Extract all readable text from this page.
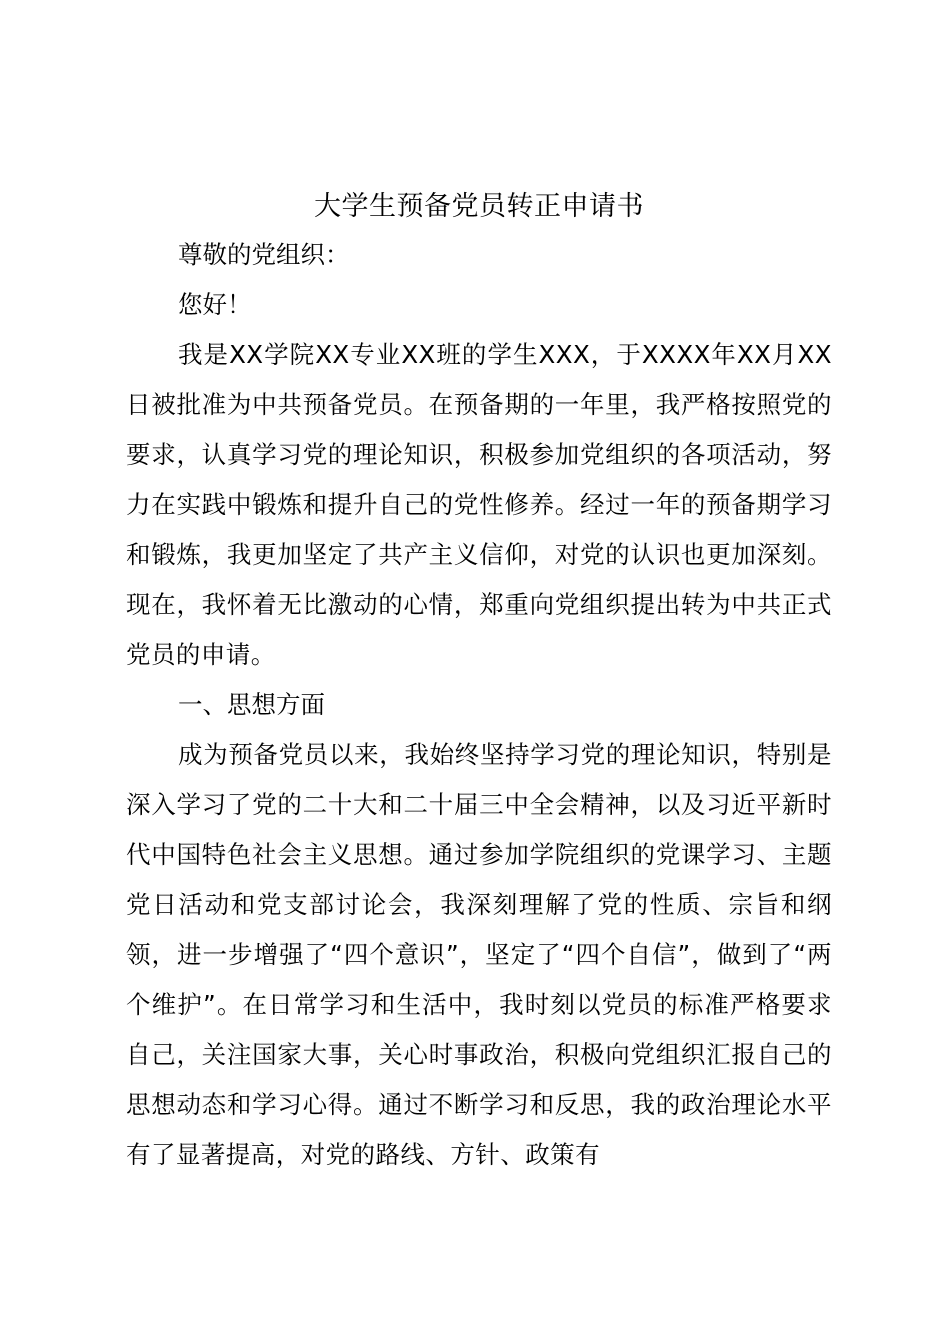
大学生预备党员转正申请书

尊敬的党组织：

您好！

我是XX学院XX专业XX班的学生XXX，于XXXX年XX月XX日被批准为中共预备党员。在预备期的一年里，我严格按照党的要求，认真学习党的理论知识，积极参加党组织的各项活动，努力在实践中锻炼和提升自己的党性修养。经过一年的预备期学习和锻炼，我更加坚定了共产主义信仰，对党的认识也更加深刻。现在，我怀着无比激动的心情，郑重向党组织提出转为中共正式党员的申请。

一、思想方面

成为预备党员以来，我始终坚持学习党的理论知识，特别是深入学习了党的二十大和二十届三中全会精神，以及习近平新时代中国特色社会主义思想。通过参加学院组织的党课学习、主题党日活动和党支部讨论会，我深刻理解了党的性质、宗旨和纲领，进一步增强了“四个意识”，坚定了“四个自信”，做到了“两个维护”。在日常学习和生活中，我时刻以党员的标准严格要求自己，关注国家大事，关心时事政治，积极向党组织汇报自己的思想动态和学习心得。通过不断学习和反思，我的政治理论水平有了显著提高，对党的路线、方针、政策有
